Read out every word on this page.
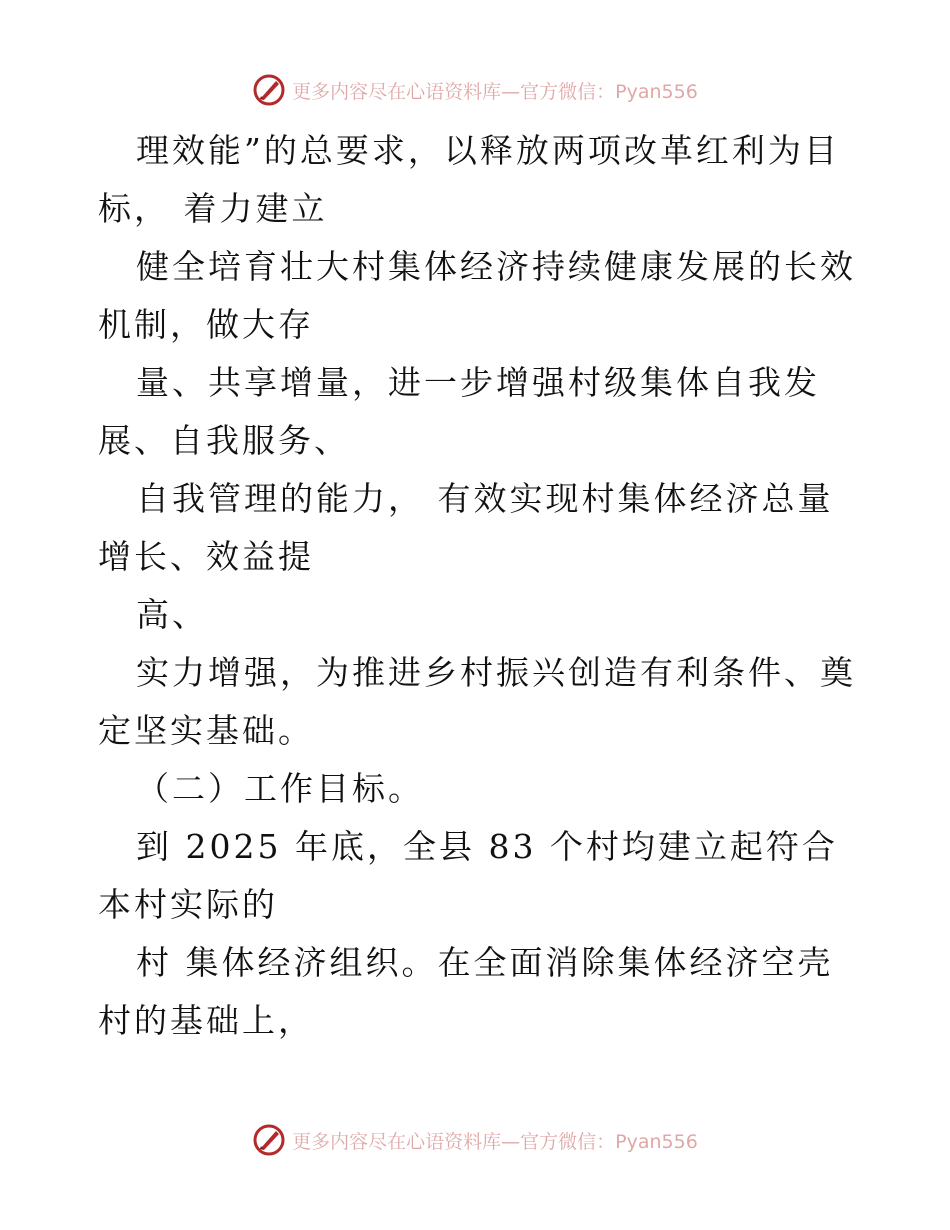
更多内容尽在心语资料库—官方微信：Pyan556

理效能”的总要求，以释放两项改革红利为目标， 着力建立

健全培育壮大村集体经济持续健康发展的长效机制，做大存

量、共享增量，进一步增强村级集体自我发展、自我服务、

自我管理的能力， 有效实现村集体经济总量增长、效益提

高、

实力增强，为推进乡村振兴创造有利条件、奠定坚实基础。

（二）工作目标。

到 2025 年底，全县 83 个村均建立起符合本村实际的

村 集体经济组织。在全面消除集体经济空壳村的基础上，

更多内容尽在心语资料库—官方微信：Pyan556
